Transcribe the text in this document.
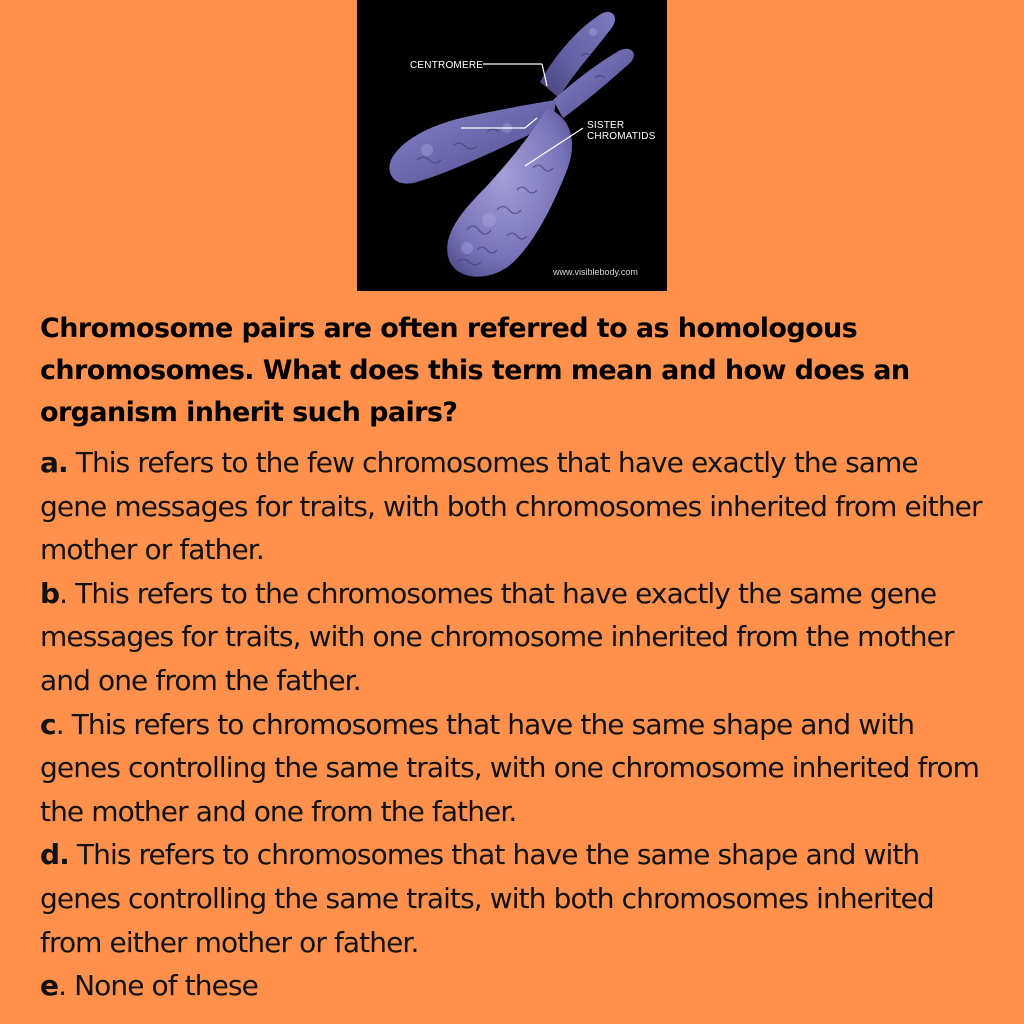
CENTROMERE
SISTER
CHROMATIDS
www.visiblebody.com

Chromosome pairs are often referred to as homologous chromosomes. What does this term mean and how does an organism inherit such pairs?

a. This refers to the few chromosomes that have exactly the same gene messages for traits, with both chromosomes inherited from either mother or father.
b. This refers to the chromosomes that have exactly the same gene messages for traits, with one chromosome inherited from the mother and one from the father.
c. This refers to chromosomes that have the same shape and with genes controlling the same traits, with one chromosome inherited from the mother and one from the father.
d. This refers to chromosomes that have the same shape and with genes controlling the same traits, with both chromosomes inherited from either mother or father.
e. None of these
